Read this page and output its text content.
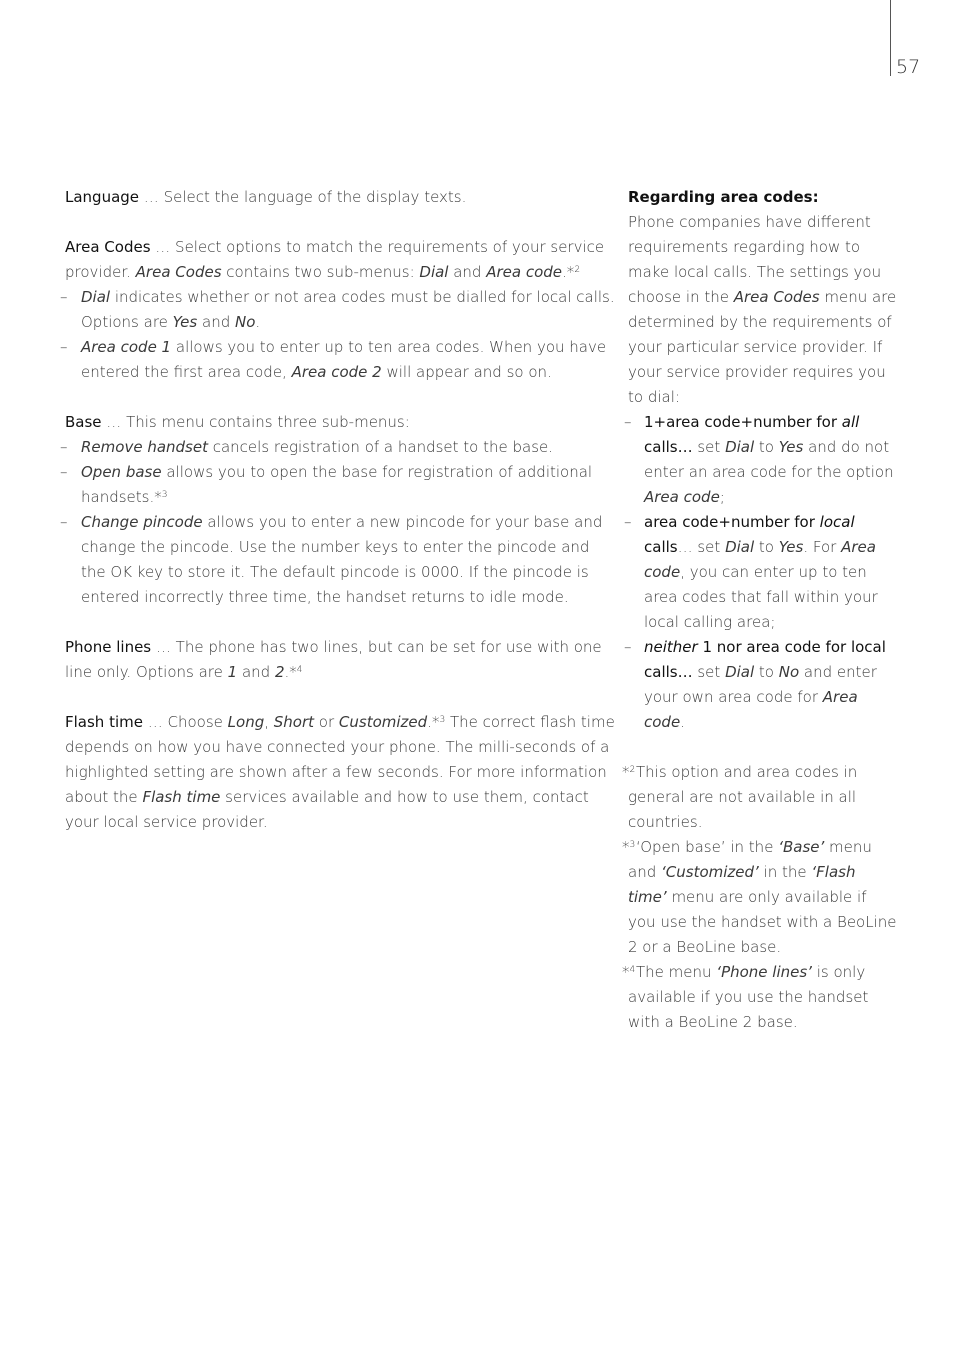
57

Language … Select the language of the display texts.

Area Codes … Select options to match the requirements of your service provider. Area Codes contains two sub-menus: Dial and Area code.*$^2$

– Dial indicates whether or not area codes must be dialled for local calls. Options are Yes and No.

– Area code 1 allows you to enter up to ten area codes. When you have entered the first area code, Area code 2 will appear and so on.

Base … This menu contains three sub-menus:

– Remove handset cancels registration of a handset to the base.

– Open base allows you to open the base for registration of additional handsets.*$^3$

– Change pincode allows you to enter a new pincode for your base and change the pincode. Use the number keys to enter the pincode and the OK key to store it. The default pincode is 0000. If the pincode is entered incorrectly three time, the handset returns to idle mode.

Phone lines … The phone has two lines, but can be set for use with one line only. Options are 1 and 2.*$^4$

Flash time … Choose Long, Short or Customized.*$^3$ The correct flash time depends on how you have connected your phone. The milli-seconds of a highlighted setting are shown after a few seconds. For more information about the Flash time services available and how to use them, contact your local service provider.

Regarding area codes:

Phone companies have different requirements regarding how to make local calls. The settings you choose in the Area Codes menu are determined by the requirements of your particular service provider. If your service provider requires you to dial:

– 1+area code+number for all calls… set Dial to Yes and do not enter an area code for the option Area code;

– area code+number for local calls… set Dial to Yes. For Area code, you can enter up to ten area codes that fall within your local calling area;

– neither 1 nor area code for local calls… set Dial to No and enter your own area code for Area code.

*$^2$ This option and area codes in general are not available in all countries.

*$^3$ ‘Open base’ in the ‘Base’ menu and ‘Customized’ in the ‘Flash time’ menu are only available if you use the handset with a BeoLine 2 or a BeoLine base.

*$^4$ The menu ‘Phone lines’ is only available if you use the handset with a BeoLine 2 base.
